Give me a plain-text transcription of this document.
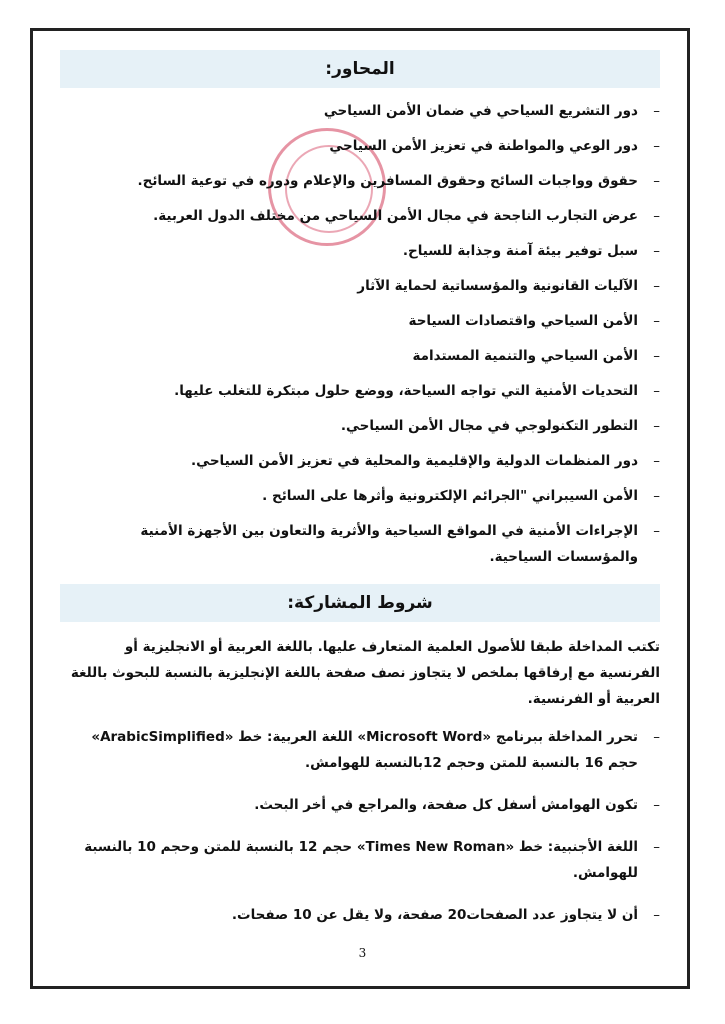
المحاور:
– دور التشريع السياحي في ضمان الأمن السياحي
– دور الوعي والمواطنة في تعزيز الأمن السياحي
– حقوق وواجبات السائح وحقوق المسافرين والإعلام ودوره في توعية السائح.
– عرض التجارب الناجحة في مجال الأمن السياحي من مختلف الدول العربية.
– سبل توفير بيئة آمنة وجذابة للسياح.
– الآليات القانونية والمؤسساتية لحماية الآثار
– الأمن السياحي واقتصادات السياحة
– الأمن السياحي والتنمية المستدامة
– التحديات الأمنية التي تواجه السياحة، ووضع حلول مبتكرة للتغلب عليها.
– التطور التكنولوجي في مجال الأمن السياحي.
– دور المنظمات الدولية والإقليمية والمحلية في تعزيز الأمن السياحي.
– الأمن السيبراني "الجرائم الإلكترونية وأثرها على السائح .
– الإجراءات الأمنية في المواقع السياحية والأثرية والتعاون بين الأجهزة الأمنية والمؤسسات السياحية.
شروط المشاركة:
تكتب المداخلة طبقا للأصول العلمية المتعارف عليها. باللغة العربية أو الانجليزية أو الفرنسية مع إرفاقها بملخص لا يتجاوز نصف صفحة باللغة الإنجليزية بالنسبة للبحوث باللغة العربية أو الفرنسية.
– تحرر المداخلة ببرنامج «Microsoft Word» اللغة العربية: خط «ArabicSimplified» حجم 16 بالنسبة للمتن وحجم 12بالنسبة للهوامش.
– تكون الهوامش أسفل كل صفحة، والمراجع في أخر البحث.
– اللغة الأجنبية: خط «Times New Roman» حجم 12 بالنسبة للمتن وحجم 10 بالنسبة للهوامش.
– أن لا يتجاوز عدد الصفحات20 صفحة، ولا يقل عن 10 صفحات.
3
